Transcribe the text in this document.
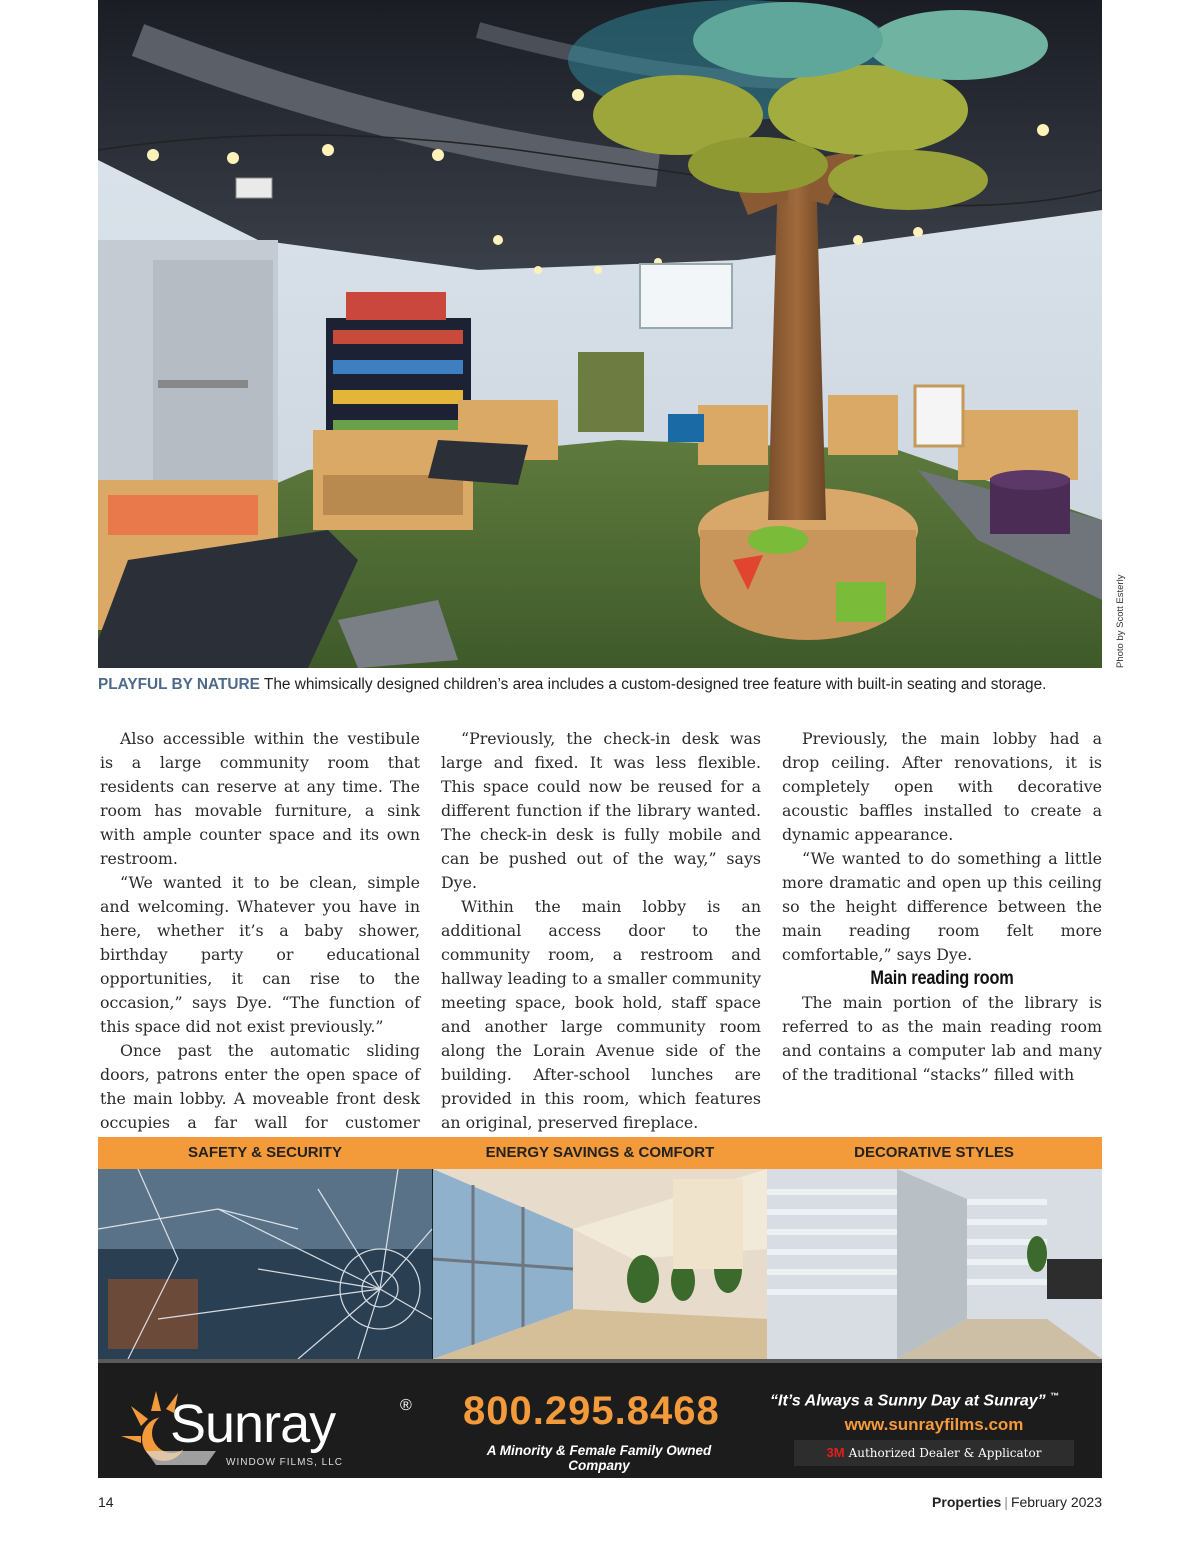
Photo by Scott Esterly
PLAYFUL BY NATURE The whimsically designed children’s area includes a custom-designed tree feature with built-in seating and storage.

Also accessible within the vestibule is a large community room that residents can reserve at any time. The room has movable furniture, a sink with ample counter space and its own restroom.

“We wanted it to be clean, simple and welcoming. Whatever you have in here, whether it’s a baby shower, birthday party or educational opportunities, it can rise to the occasion,” says Dye. “The function of this space did not exist previously.”

Once past the automatic sliding doors, patrons enter the open space of the main lobby. A moveable front desk occupies a far wall for customer

“Previously, the check-in desk was large and fixed. It was less flexible. This space could now be reused for a different function if the library wanted. The check-in desk is fully mobile and can be pushed out of the way,” says Dye.

Within the main lobby is an additional access door to the community room, a restroom and hallway leading to a smaller community meeting space, book hold, staff space and another large community room along the Lorain Avenue side of the building. After-school lunches are provided in this room, which features an original, preserved fireplace.

Previously, the main lobby had a drop ceiling. After renovations, it is completely open with decorative acoustic baffles installed to create a dynamic appearance.

“We wanted to do something a little more dramatic and open up this ceiling so the height difference between the main reading room felt more comfortable,” says Dye.

Main reading room

The main portion of the library is referred to as the main reading room and contains a computer lab and many of the traditional “stacks” filled with

SAFETY & SECURITY	ENERGY SAVINGS & COMFORT	DECORATIVE STYLES
Sunray	®
WINDOW FILMS, LLC
800.295.8468
A Minority & Female Family Owned Company
“It’s Always a Sunny Day at Sunray” ™
www.sunrayfilms.com
3M Authorized Dealer & Applicator
14	Properties | February 2023
